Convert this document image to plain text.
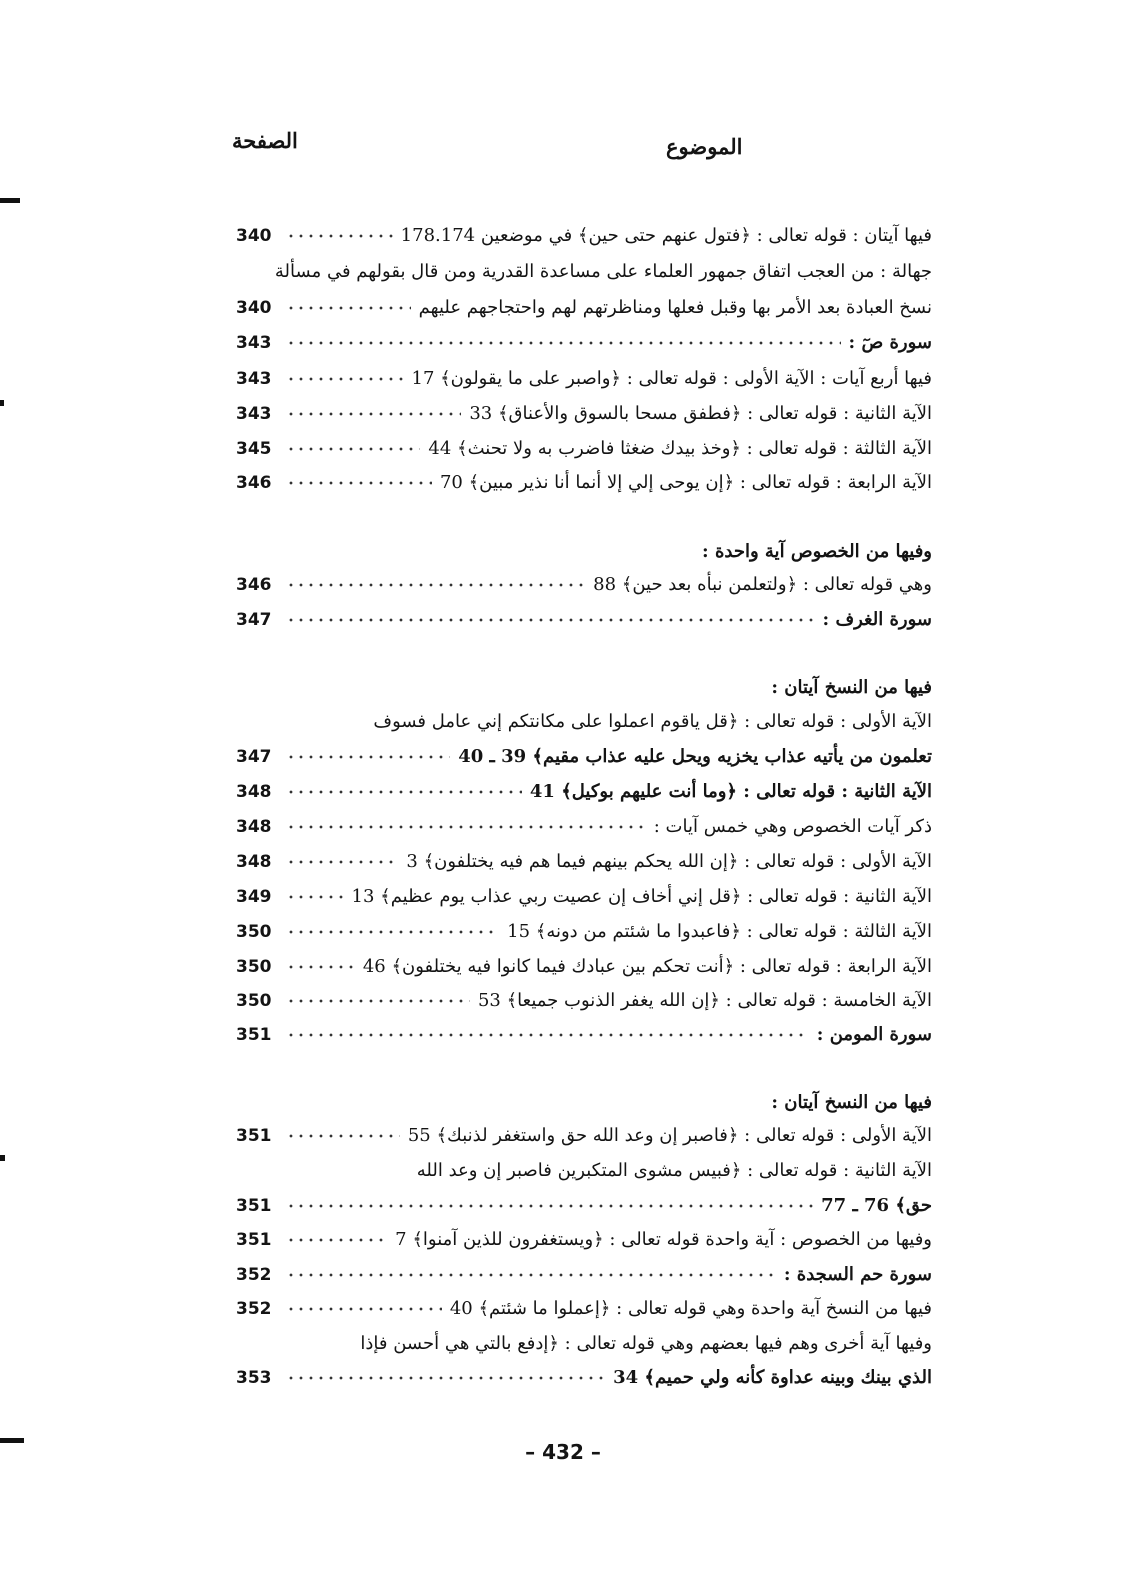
الصفحة	الموضوع
فيها آيتان : قوله تعالى : ﴿فتول عنهم حتى حين﴾ في موضعين 178.174
340
جهالة : من العجب اتفاق جمهور العلماء على مساعدة القدرية ومن قال بقولهم في مسألة
نسخ العبادة بعد الأمر بها وقبل فعلها ومناظرتهم لهم واحتجاجهم عليهم
340
سورة صٓ :
343
فيها أربع آيات : الآية الأولى : قوله تعالى : ﴿واصبر على ما يقولون﴾ 17
343
الآية الثانية : قوله تعالى : ﴿فطفق مسحا بالسوق والأعناق﴾ 33
343
الآية الثالثة : قوله تعالى : ﴿وخذ بيدك ضغثا فاضرب به ولا تحنث﴾ 44
345
الآية الرابعة : قوله تعالى : ﴿إن يوحى إلي إلا أنما أنا نذير مبين﴾ 70
346
وفيها من الخصوص آية واحدة :
وهي قوله تعالى : ﴿ولتعلمن نبأه بعد حين﴾ 88
346
سورة الغرف :
347
فيها من النسخ آيتان :
الآية الأولى : قوله تعالى : ﴿قل ياقوم اعملوا على مكانتكم إني عامل فسوف
تعلمون من يأتيه عذاب يخزيه ويحل عليه عذاب مقيم﴾ 39 ـ 40
347
الآية الثانية : قوله تعالى : ﴿وما أنت عليهم بوكيل﴾ 41
348
ذكر آيات الخصوص وهي خمس آيات :
348
الآية الأولى : قوله تعالى : ﴿إن الله يحكم بينهم فيما هم فيه يختلفون﴾ 3
348
الآية الثانية : قوله تعالى : ﴿قل إني أخاف إن عصيت ربي عذاب يوم عظيم﴾ 13
349
الآية الثالثة : قوله تعالى : ﴿فاعبدوا ما شئتم من دونه﴾ 15
350
الآية الرابعة : قوله تعالى : ﴿أنت تحكم بين عبادك فيما كانوا فيه يختلفون﴾ 46
350
الآية الخامسة : قوله تعالى : ﴿إن الله يغفر الذنوب جميعا﴾ 53
350
سورة المومن :
351
فيها من النسخ آيتان :
الآية الأولى : قوله تعالى : ﴿فاصبر إن وعد الله حق واستغفر لذنبك﴾ 55
351
الآية الثانية : قوله تعالى : ﴿فبيس مشوى المتكبرين فاصبر إن وعد الله
حق﴾ 76 ـ 77
351
وفيها من الخصوص : آية واحدة قوله تعالى : ﴿ويستغفرون للذين آمنوا﴾ 7
351
سورة حم السجدة :
352
فيها من النسخ آية واحدة وهي قوله تعالى : ﴿إعملوا ما شئتم﴾ 40
352
وفيها آية أخرى وهم فيها بعضهم وهي قوله تعالى : ﴿إدفع بالتي هي أحسن فإذا
الذي بينك وبينه عداوة كأنه ولي حميم﴾ 34
353
– 432 –
